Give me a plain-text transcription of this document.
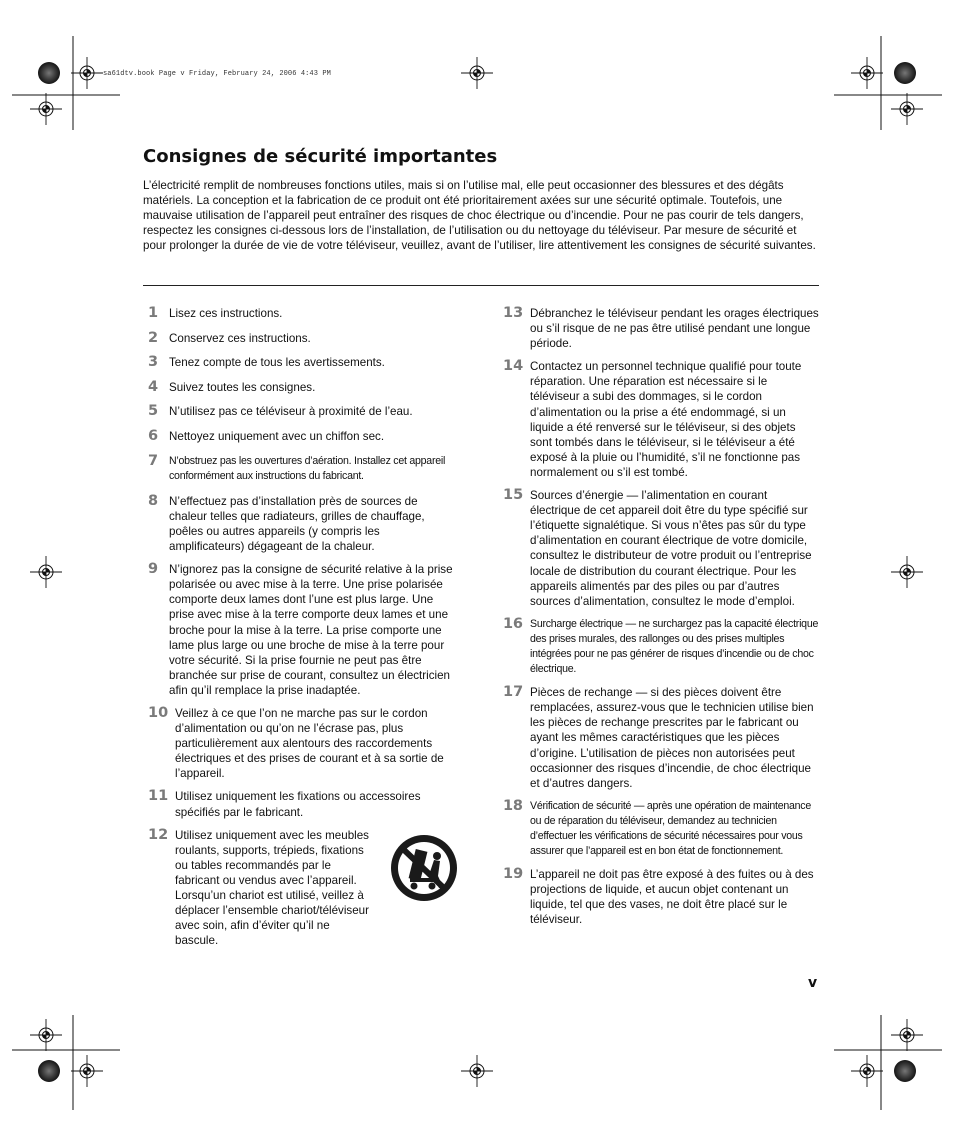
sa61dtv.book Page v Friday, February 24, 2006 4:43 PM
Consignes de sécurité importantes

L’électricité remplit de nombreuses fonctions utiles, mais si on l’utilise mal, elle peut occasionner des blessures et des dégâts matériels. La conception et la fabrication de ce produit ont été prioritairement axées sur une sécurité optimale. Toutefois, une mauvaise utilisation de l’appareil peut entraîner des risques de choc électrique ou d’incendie. Pour ne pas courir de tels dangers, respectez les consignes ci-dessous lors de l’installation, de l’utilisation ou du nettoyage du téléviseur. Par mesure de sécurité et pour prolonger la durée de vie de votre téléviseur, veuillez, avant de l’utiliser, lire attentivement les consignes de sécurité suivantes.

1 Lisez ces instructions.
2 Conservez ces instructions.
3 Tenez compte de tous les avertissements.
4 Suivez toutes les consignes.
5 N’utilisez pas ce téléviseur à proximité de l’eau.
6 Nettoyez uniquement avec un chiffon sec.
7 N’obstruez pas les ouvertures d’aération. Installez cet appareil conformément aux instructions du fabricant.
8 N’effectuez pas d’installation près de sources de chaleur telles que radiateurs, grilles de chauffage, poêles ou autres appareils (y compris les amplificateurs) dégageant de la chaleur.
9 N’ignorez pas la consigne de sécurité relative à la prise polarisée ou avec mise à la terre. Une prise polarisée comporte deux lames dont l’une est plus large. Une prise avec mise à la terre comporte deux lames et une broche pour la mise à la terre. La prise comporte une lame plus large ou une broche de mise à la terre pour votre sécurité. Si la prise fournie ne peut pas être branchée sur prise de courant, consultez un électricien afin qu’il remplace la prise inadaptée.
10 Veillez à ce que l’on ne marche pas sur le cordon d’alimentation ou qu’on ne l’écrase pas, plus particulièrement aux alentours des raccordements électriques et des prises de courant et à sa sortie de l’appareil.
11 Utilisez uniquement les fixations ou accessoires spécifiés par le fabricant.
12 Utilisez uniquement avec les meubles roulants, supports, trépieds, fixations ou tables recommandés par le fabricant ou vendus avec l’appareil. Lorsqu’un chariot est utilisé, veillez à déplacer l’ensemble chariot/téléviseur avec soin, afin d’éviter qu’il ne bascule.
13 Débranchez le téléviseur pendant les orages électriques ou s’il risque de ne pas être utilisé pendant une longue période.
14 Contactez un personnel technique qualifié pour toute réparation. Une réparation est nécessaire si le téléviseur a subi des dommages, si le cordon d’alimentation ou la prise a été endommagé, si un liquide a été renversé sur le téléviseur, si des objets sont tombés dans le téléviseur, si le téléviseur a été exposé à la pluie ou l’humidité, s’il ne fonctionne pas normalement ou s’il est tombé.
15 Sources d’énergie — l’alimentation en courant électrique de cet appareil doit être du type spécifié sur l’étiquette signalétique. Si vous n’êtes pas sûr du type d’alimentation en courant électrique de votre domicile, consultez le distributeur de votre produit ou l’entreprise locale de distribution du courant électrique. Pour les appareils alimentés par des piles ou par d’autres sources d’alimentation, consultez le mode d’emploi.
16 Surcharge électrique — ne surchargez pas la capacité électrique des prises murales, des rallonges ou des prises multiples intégrées pour ne pas générer de risques d’incendie ou de choc électrique.
17 Pièces de rechange — si des pièces doivent être remplacées, assurez-vous que le technicien utilise bien les pièces de rechange prescrites par le fabricant ou ayant les mêmes caractéristiques que les pièces d’origine. L’utilisation de pièces non autorisées peut occasionner des risques d’incendie, de choc électrique et d’autres dangers.
18 Vérification de sécurité — après une opération de maintenance ou de réparation du téléviseur, demandez au technicien d’effectuer les vérifications de sécurité nécessaires pour vous assurer que l’appareil est en bon état de fonctionnement.
19 L’appareil ne doit pas être exposé à des fuites ou à des projections de liquide, et aucun objet contenant un liquide, tel que des vases, ne doit être placé sur le téléviseur.
v
